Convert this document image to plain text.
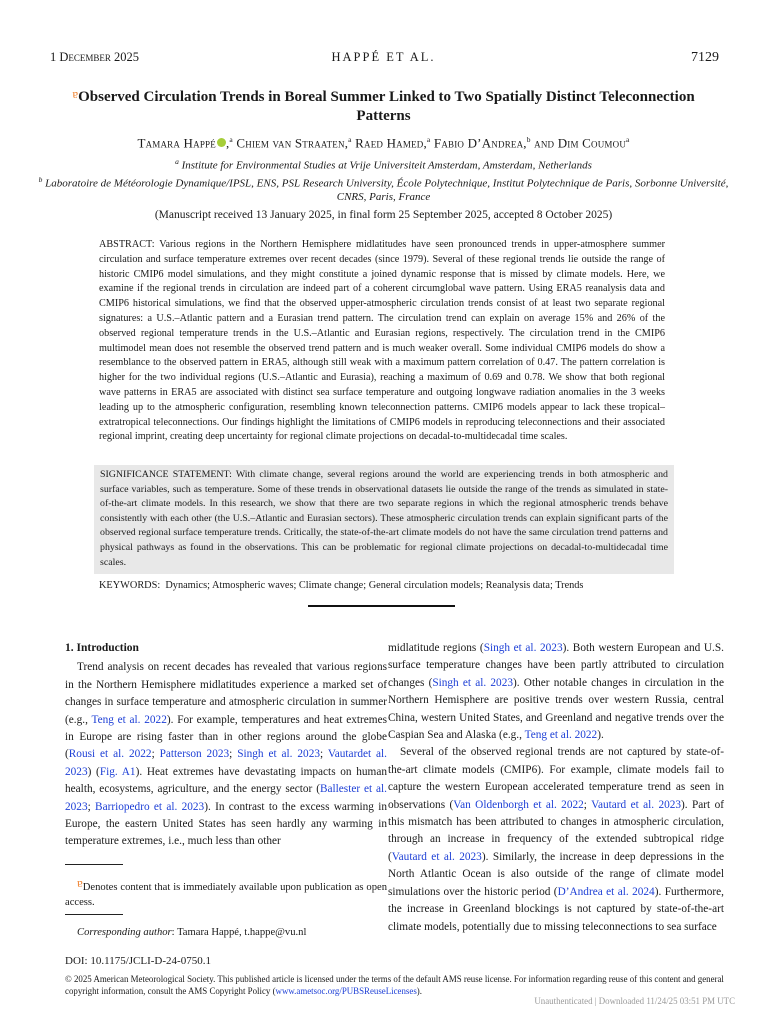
1 December 2025	HAPPÉ ET AL.	7129
ɐObserved Circulation Trends in Boreal Summer Linked to Two Spatially Distinct Teleconnection Patterns
Tamara Happé ,$^a$ Chiem van Straaten,$^a$ Raed Hamed,$^a$ Fabio D’Andrea,$^b$ and Dim Coumou$^a$
$^a$ Institute for Environmental Studies at Vrije Universiteit Amsterdam, Amsterdam, Netherlands
$^b$ Laboratoire de Météorologie Dynamique/IPSL, ENS, PSL Research University, École Polytechnique, Institut Polytechnique de Paris, Sorbonne Université, CNRS, Paris, France
(Manuscript received 13 January 2025, in final form 25 September 2025, accepted 8 October 2025)
ABSTRACT: Various regions in the Northern Hemisphere midlatitudes have seen pronounced trends in upper-atmosphere summer circulation and surface temperature extremes over recent decades (since 1979). Several of these regional trends lie outside the range of historic CMIP6 model simulations, and they might constitute a joined dynamic response that is missed by climate models. Here, we examine if the regional trends in circulation are indeed part of a coherent circumglobal wave pattern. Using ERA5 reanalysis data and CMIP6 historical simulations, we find that the observed upper-atmospheric circulation trends consist of at least two separate regional signatures: a U.S.–Atlantic pattern and a Eurasian trend pattern. The circulation trend can explain on average 15% and 26% of the observed regional temperature trends in the U.S.–Atlantic and Eurasian regions, respectively. The circulation trend in the CMIP6 multimodel mean does not resemble the observed trend pattern and is much weaker overall. Some individual CMIP6 models do show a resemblance to the observed pattern in ERA5, although still weak with a maximum pattern correlation of 0.47. The pattern correlation is higher for the two individual regions (U.S.–Atlantic and Eurasia), reaching a maximum of 0.69 and 0.78. We show that both regional wave patterns in ERA5 are associated with distinct sea surface temperature and outgoing longwave radiation anomalies in the 3 weeks leading up to the atmospheric configuration, resembling known teleconnection patterns. CMIP6 models appear to lack these tropical–extratropical teleconnections. Our findings highlight the limitations of CMIP6 models in reproducing teleconnections and their associated regional imprint, creating deep uncertainty for regional climate projections on decadal-to-multidecadal time scales.
SIGNIFICANCE STATEMENT: With climate change, several regions around the world are experiencing trends in both atmospheric and surface variables, such as temperature. Some of these trends in observational datasets lie outside the range of the trends as simulated in state-of-the-art climate models. In this research, we show that there are two separate regions in which the regional atmospheric trends behave consistently with each other (the U.S.–Atlantic and Eurasian sectors). These atmospheric circulation trends can explain significant parts of the observed regional surface temperature trends. Critically, the state-of-the-art climate models do not have the same circulation trend patterns and physical pathways as found in the observations. This can be problematic for regional climate projections on decadal-to-multidecadal time scales.
KEYWORDS: Dynamics; Atmospheric waves; Climate change; General circulation models; Reanalysis data; Trends
1. Introduction

Trend analysis on recent decades has revealed that various regions in the Northern Hemisphere midlatitudes experience a marked set of changes in surface temperature and atmospheric circulation in summer (e.g., Teng et al. 2022). For example, temperatures and heat extremes in Europe are rising faster than in other regions around the globe (Rousi et al. 2022; Patterson 2023; Singh et al. 2023; Vautardet al. 2023) (Fig. A1). Heat extremes have devastating impacts on human health, ecosystems, agriculture, and the energy sector (Ballester et al. 2023; Barriopedro et al. 2023). In contrast to the excess warming in Europe, the eastern United States has seen hardly any warming in temperature extremes, i.e., much less than other

ɐDenotes content that is immediately available upon publication as open access.
Corresponding author: Tamara Happé, t.happe@vu.nl

midlatitude regions (Singh et al. 2023). Both western European and U.S. surface temperature changes have been partly attributed to circulation changes (Singh et al. 2023). Other notable changes in circulation in the Northern Hemisphere are positive trends over western Russia, central China, western United States, and Greenland and negative trends over the Caspian Sea and Alaska (e.g., Teng et al. 2022).

Several of the observed regional trends are not captured by state-of-the-art climate models (CMIP6). For example, climate models fail to capture the western European accelerated temperature trend as seen in observations (Van Oldenborgh et al. 2022; Vautard et al. 2023). Part of this mismatch has been attributed to changes in atmospheric circulation, through an increase in frequency of the extended subtropical ridge (Vautard et al. 2023). Similarly, the increase in deep depressions in the North Atlantic Ocean is also outside of the range of climate model simulations over the historic period (D’Andrea et al. 2024). Furthermore, the increase in Greenland blockings is not captured by state-of-the-art climate models, potentially due to missing teleconnections to sea surface

DOI: 10.1175/JCLI-D-24-0750.1
© 2025 American Meteorological Society. This published article is licensed under the terms of the default AMS reuse license. For information regarding reuse of this content and general copyright information, consult the AMS Copyright Policy (www.ametsoc.org/PUBSReuseLicenses).
Unauthenticated | Downloaded 11/24/25 03:51 PM UTC
